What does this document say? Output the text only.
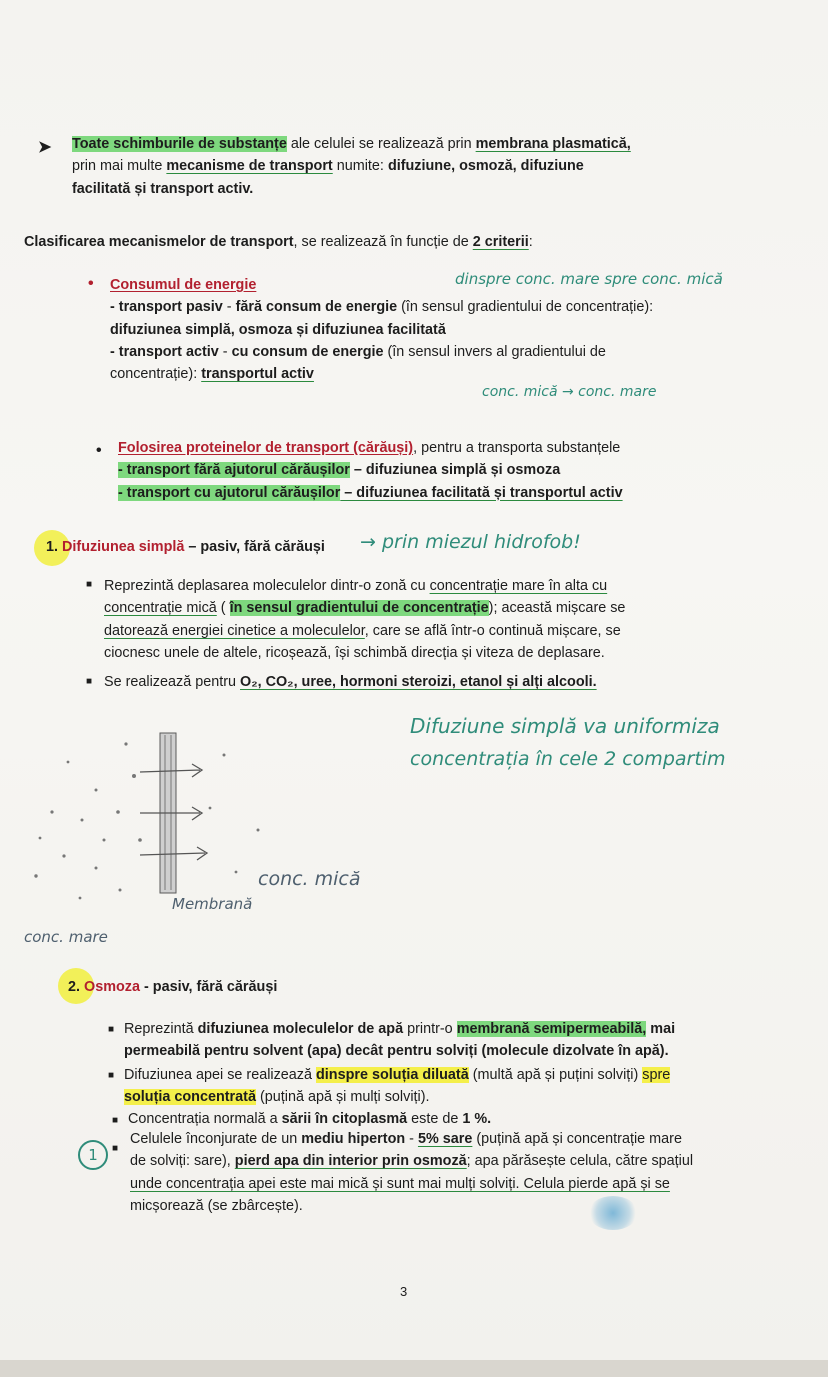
➤ Toate schimburile de substanțe ale celulei se realizează prin membrana plasmatică,
prin mai multe mecanisme de transport numite: difuziune, osmoză, difuziune
facilitată și transport activ.
Clasificarea mecanismelor de transport, se realizează în funcție de 2 criterii:
• Consumul de energie
- transport pasiv - fără consum de energie (în sensul gradientului de concentrație):
difuziunea simplă, osmoza și difuziunea facilitată
- transport activ - cu consum de energie (în sensul invers al gradientului de
concentrație): transportul activ
dinspre conc. mare spre conc. mică
conc. mică → conc. mare
• Folosirea proteinelor de transport (cărăuși), pentru a transporta substanțele
- transport fără ajutorul cărăușilor – difuziunea simplă și osmoza
- transport cu ajutorul cărăușilor – difuziunea facilitată și transportul activ
1. Difuziunea simplă – pasiv, fără cărăuși → prin miezul hidrofob!
■ Reprezintă deplasarea moleculelor dintr-o zonă cu concentrație mare în alta cu
concentrație mică ( în sensul gradientului de concentrație); această mișcare se
datorează energiei cinetice a moleculelor, care se află într-o continuă mișcare, se
ciocnesc unele de altele, ricoșează, își schimbă direcția și viteza de deplasare.
■ Se realizează pentru O₂, CO₂, uree, hormoni steroizi, etanol și alți alcooli.
Difuziune simplă va uniformiza
concentrația în cele 2 compartim
conc. mică
Membrană
conc. mare
2. Osmoza - pasiv, fără cărăuși
■ Reprezintă difuziunea moleculelor de apă printr-o membrană semipermeabilă, mai
permeabilă pentru solvent (apa) decât pentru solviți (molecule dizolvate în apă).
■ Difuziunea apei se realizează dinspre soluția diluată (multă apă și puțini solviți) spre
soluția concentrată (puțină apă și mulți solviți).
■ Concentrația normală a sării în citoplasmă este de 1 %.
■
Celulele înconjurate de un mediu hiperton - 5% sare (puțină apă și concentrație mare
de solviți: sare), pierd apa din interior prin osmoză; apa părăsește celula, către spațiul
unde concentrația apei este mai mică și sunt mai mulți solviți. Celula pierde apă și se
micșorează (se zbârcește).
1
3
